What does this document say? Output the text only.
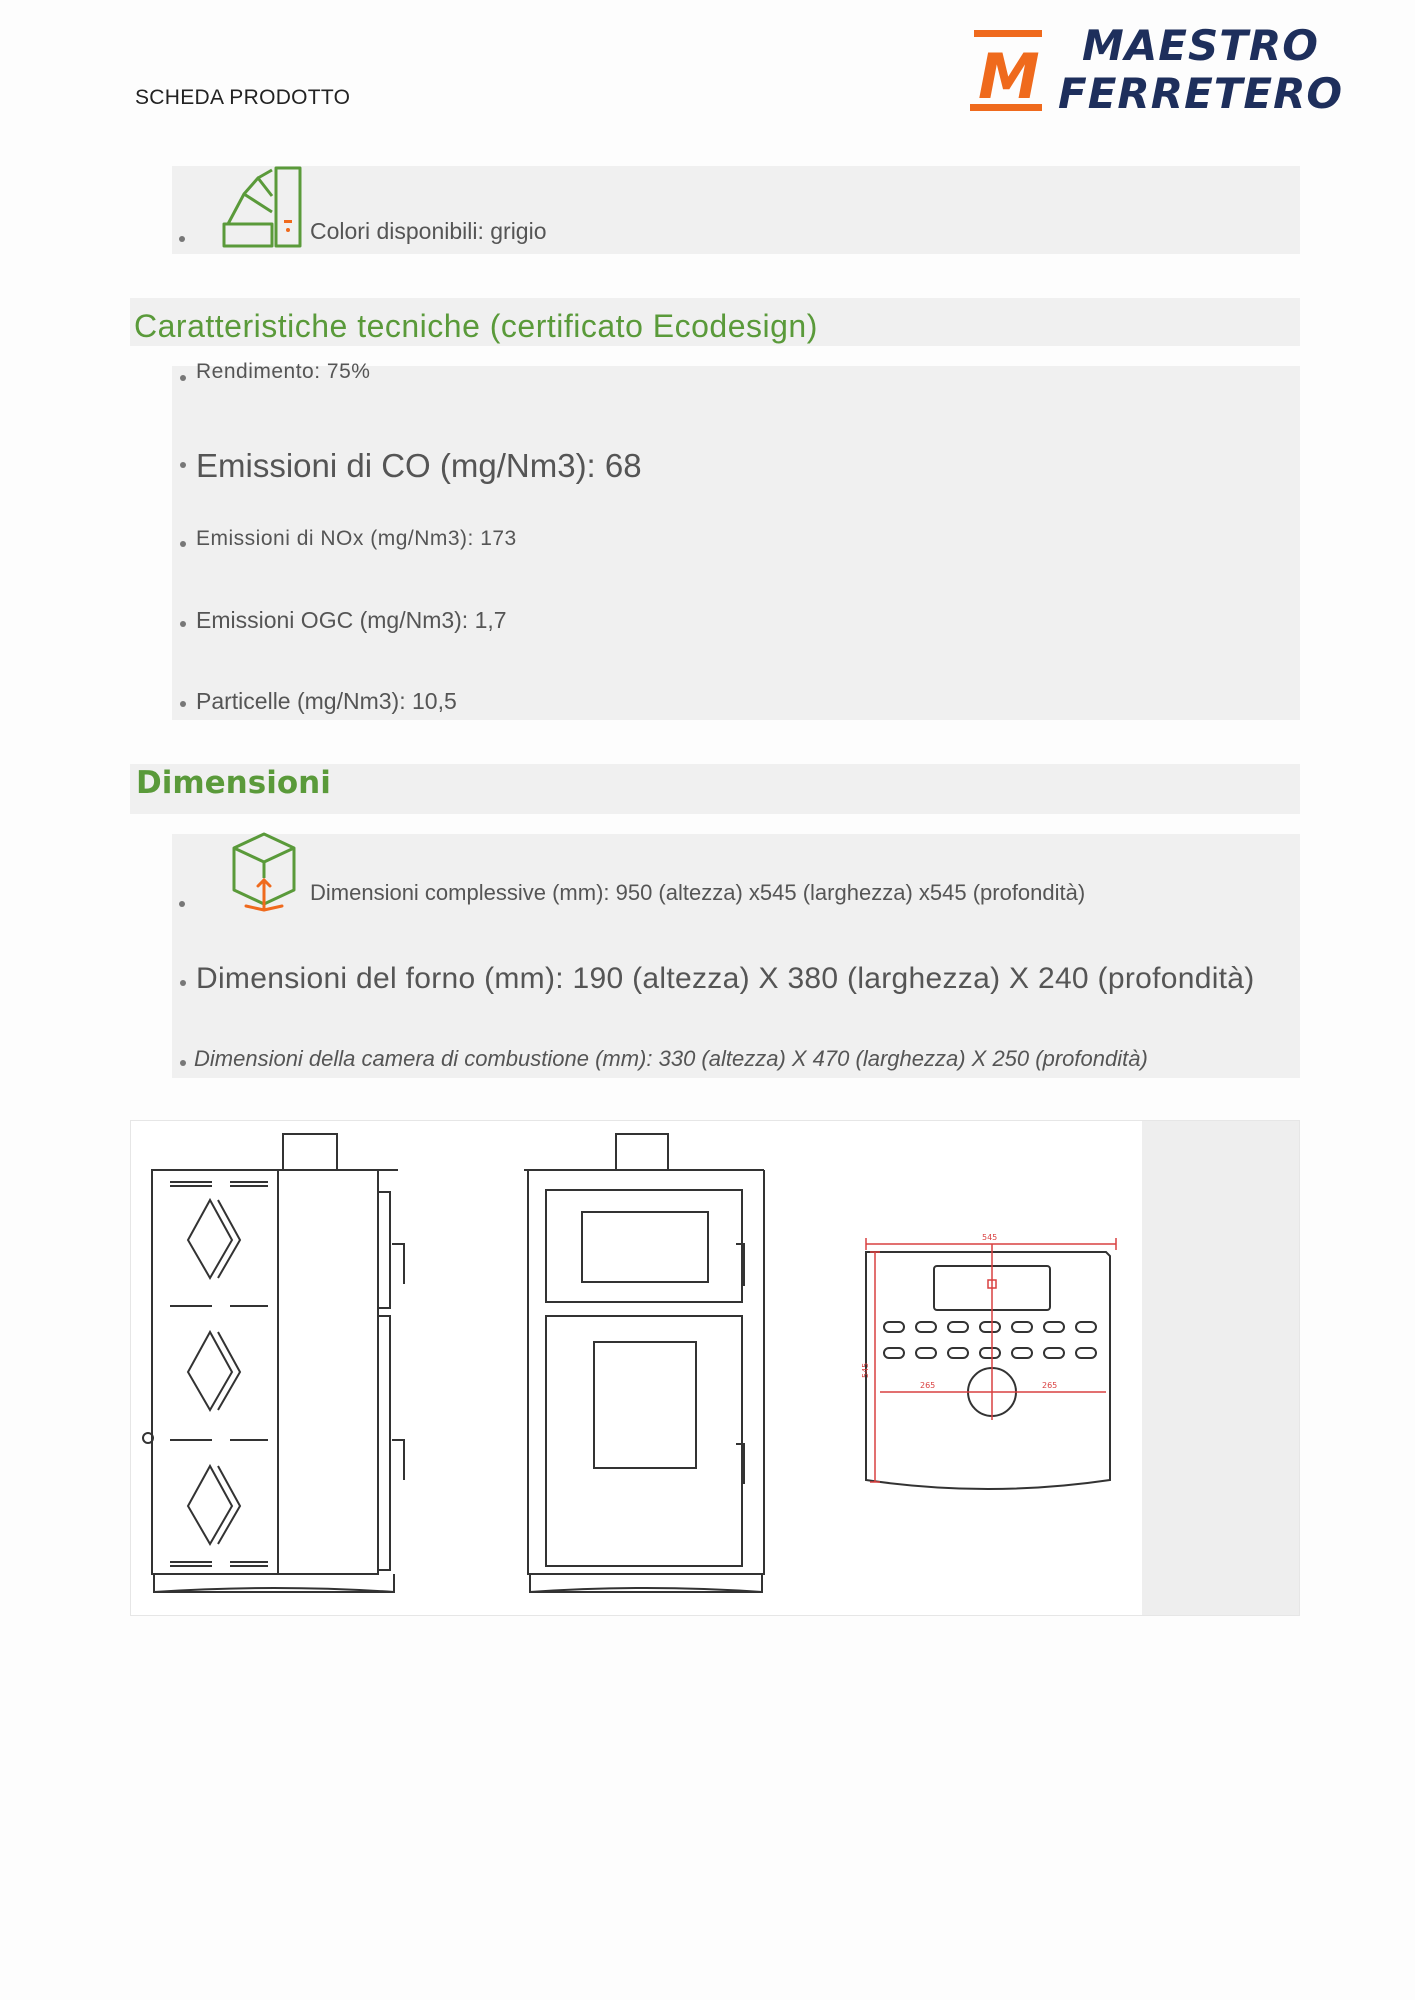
SCHEDA PRODOTTO	M MAESTRO
FERRETERO
Colori disponibili: grigio
Caratteristiche tecniche (certificato Ecodesign)
Rendimento: 75%
Emissioni di CO (mg/Nm3): 68
Emissioni di NOx (mg/Nm3): 173
Emissioni OGC (mg/Nm3): 1,7
Particelle (mg/Nm3): 10,5
Dimensioni
Dimensioni complessive (mm): 950 (altezza) x545 (larghezza) x545 (profondità)
Dimensioni del forno (mm): 190 (altezza) X 380 (larghezza) X 240 (profondità)
Dimensioni della camera di combustione (mm): 330 (altezza) X 470 (larghezza) X 250 (profondità)
545
545
265	265
